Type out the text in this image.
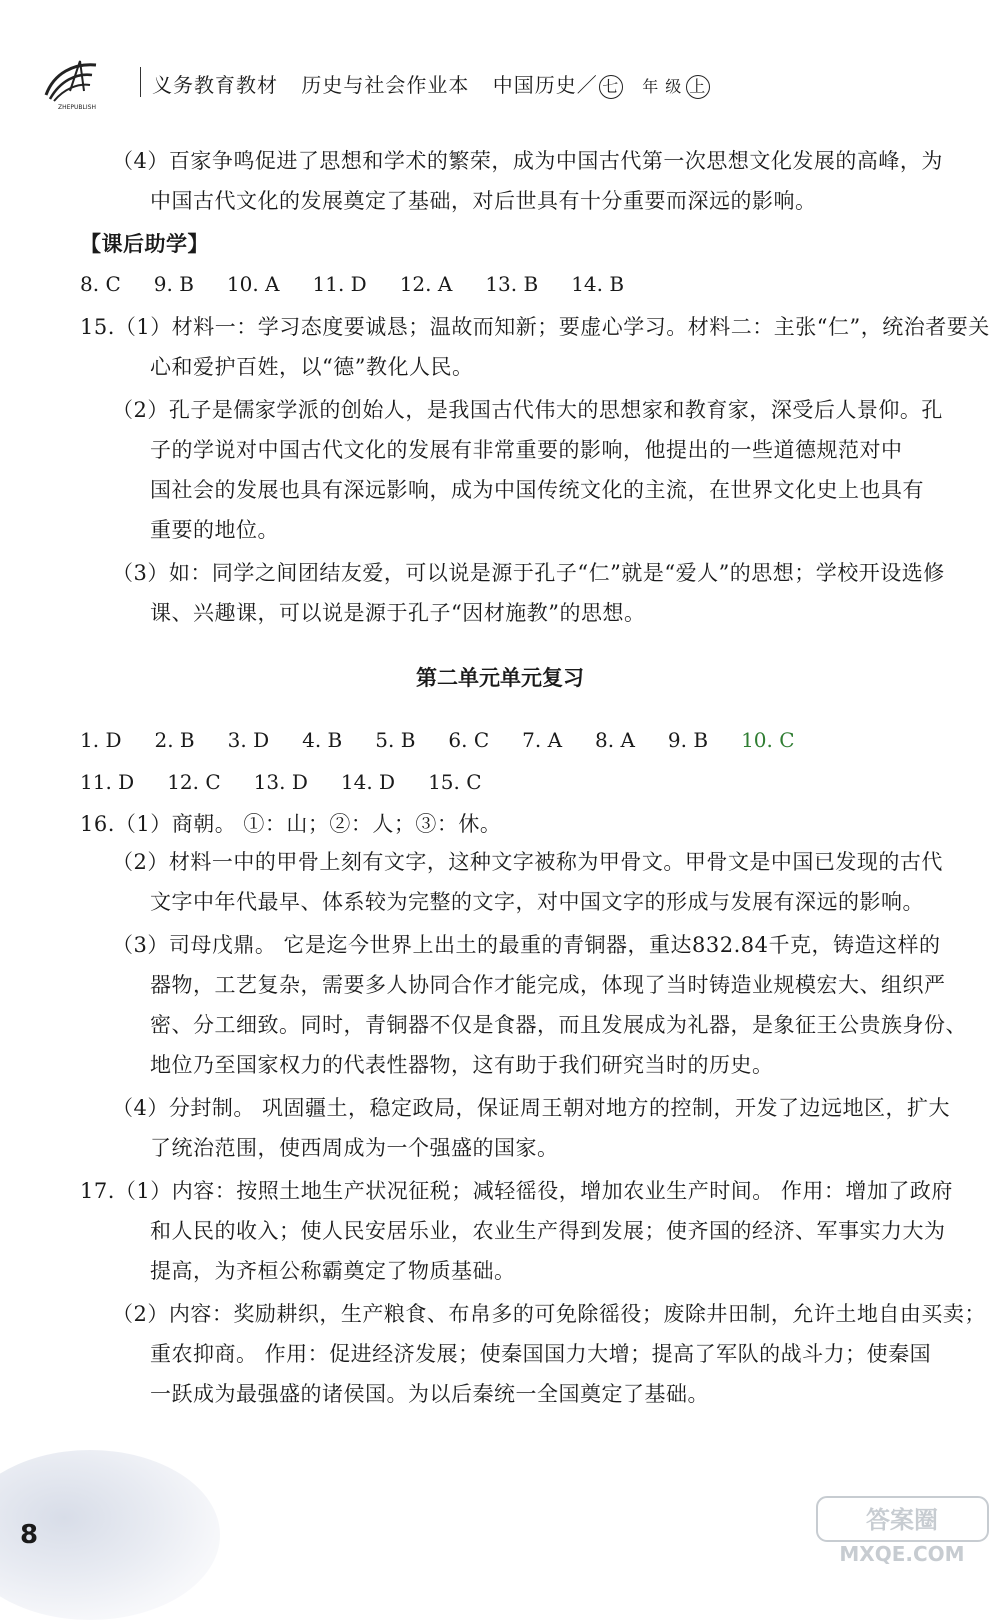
ZHEPUBLISH
义务教育教材 历史与社会作业本 中国历史／ 七 年 级 上
（4）百家争鸣促进了思想和学术的繁荣，成为中国古代第一次思想文化发展的高峰，为
中国古代文化的发展奠定了基础，对后世具有十分重要而深远的影响。
【课后助学】
8. C 9. B 10. A 11. D 12. A 13. B 14. B
15.（1）材料一：学习态度要诚恳；温故而知新；要虚心学习。材料二：主张“仁”，统治者要关
心和爱护百姓，以“德”教化人民。
（2）孔子是儒家学派的创始人，是我国古代伟大的思想家和教育家，深受后人景仰。孔
子的学说对中国古代文化的发展有非常重要的影响，他提出的一些道德规范对中
国社会的发展也具有深远影响，成为中国传统文化的主流，在世界文化史上也具有
重要的地位。
（3）如：同学之间团结友爱，可以说是源于孔子“仁”就是“爱人”的思想；学校开设选修
课、兴趣课，可以说是源于孔子“因材施教”的思想。
第二单元单元复习
1. D 2. B 3. D 4. B 5. B 6. C 7. A 8. A 9. B 10. C
11. D 12. C 13. D 14. D 15. C
16.（1）商朝。 ①：山；②：人；③：休。
（2）材料一中的甲骨上刻有文字，这种文字被称为甲骨文。甲骨文是中国已发现的古代
文字中年代最早、体系较为完整的文字，对中国文字的形成与发展有深远的影响。
（3）司母戊鼎。 它是迄今世界上出土的最重的青铜器，重达832.84千克，铸造这样的
器物，工艺复杂，需要多人协同合作才能完成，体现了当时铸造业规模宏大、组织严
密、分工细致。同时，青铜器不仅是食器，而且发展成为礼器，是象征王公贵族身份、
地位乃至国家权力的代表性器物，这有助于我们研究当时的历史。
（4）分封制。 巩固疆土，稳定政局，保证周王朝对地方的控制，开发了边远地区，扩大
了统治范围，使西周成为一个强盛的国家。
17.（1）内容：按照土地生产状况征税；减轻徭役，增加农业生产时间。 作用：增加了政府
和人民的收入；使人民安居乐业，农业生产得到发展；使齐国的经济、军事实力大为
提高，为齐桓公称霸奠定了物质基础。
（2）内容：奖励耕织，生产粮食、布帛多的可免除徭役；废除井田制，允许土地自由买卖；
重农抑商。 作用：促进经济发展；使秦国国力大增；提高了军队的战斗力；使秦国
一跃成为最强盛的诸侯国。为以后秦统一全国奠定了基础。
8	答案圈
MXQE.COM
